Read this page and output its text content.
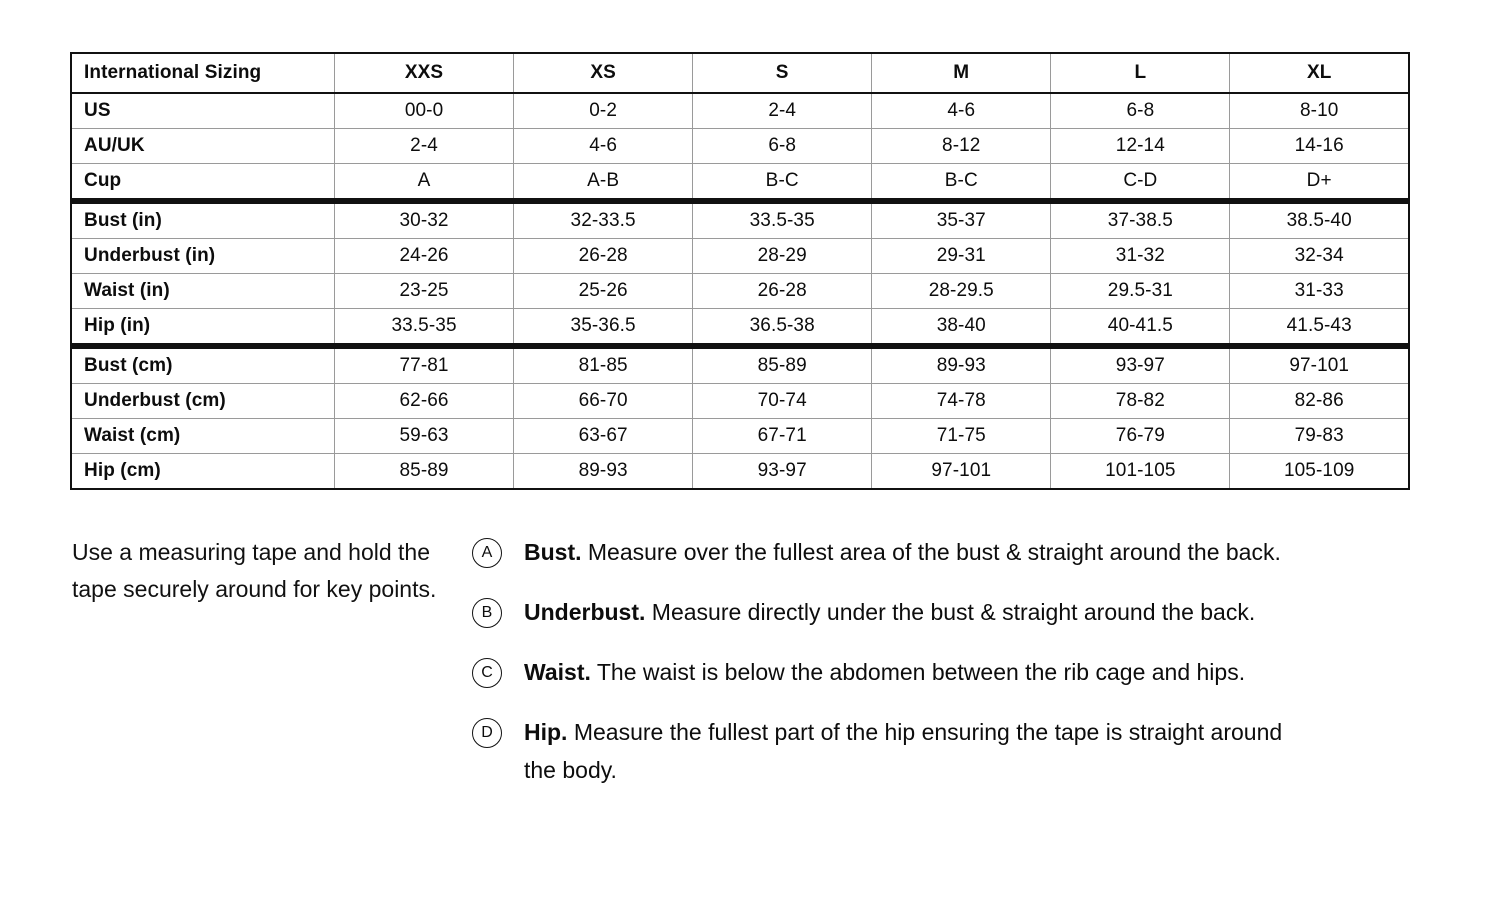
International Sizing	XXS	XS	S	M	L	XL
US	00-0	0-2	2-4	4-6	6-8	8-10
AU/UK	2-4	4-6	6-8	8-12	12-14	14-16
Cup	A	A-B	B-C	B-C	C-D	D+
Bust (in)	30-32	32-33.5	33.5-35	35-37	37-38.5	38.5-40
Underbust (in)	24-26	26-28	28-29	29-31	31-32	32-34
Waist (in)	23-25	25-26	26-28	28-29.5	29.5-31	31-33
Hip (in)	33.5-35	35-36.5	36.5-38	38-40	40-41.5	41.5-43
Bust (cm)	77-81	81-85	85-89	89-93	93-97	97-101
Underbust (cm)	62-66	66-70	70-74	74-78	78-82	82-86
Waist (cm)	59-63	63-67	67-71	71-75	76-79	79-83
Hip (cm)	85-89	89-93	93-97	97-101	101-105	105-109
Use a measuring tape and hold the tape securely around for key points.
A	Bust. Measure over the fullest area of the bust & straight around the back.
B	Underbust. Measure directly under the bust & straight around the back.
C	Waist. The waist is below the abdomen between the rib cage and hips.
D	Hip. Measure the fullest part of the hip ensuring the tape is straight around the body.
